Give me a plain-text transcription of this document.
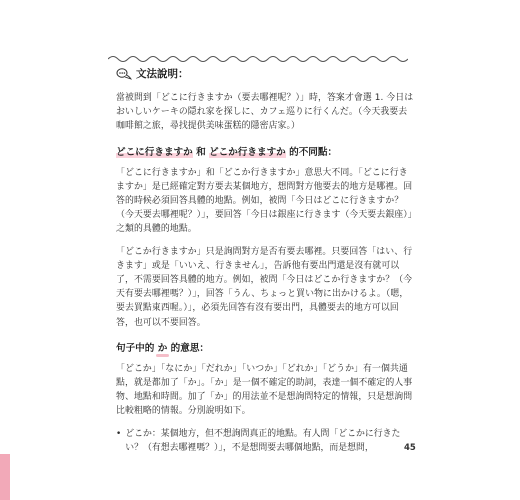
文法說明：

當被問到「どこに行きますか（要去哪裡呢？）」時，答案才會選 1. 今日はおいしいケーキの隠れ家を探しに、カフェ巡りに行くんだ。（今天我要去咖啡館之旅，尋找提供美味蛋糕的隱密店家。）

どこに行きますか 和 どこか行きますか 的不同點：

「どこに行きますか」和「どこか行きますか」意思大不同。「どこに行きますか」是已經確定對方要去某個地方，想問對方他要去的地方是哪裡。回答的時候必須回答具體的地點。例如，被問「今日はどこに行きますか？（今天要去哪裡呢？）」，要回答「今日は銀座に行きます（今天要去銀座）」之類的具體的地點。

「どこか行きますか」只是詢問對方是否有要去哪裡。只要回答「はい、行きます」或是「いいえ、行きません」，告訴他有要出門還是沒有就可以了，不需要回答具體的地方。例如，被問「今日はどこか行きますか？（今天有要去哪裡嗎？）」，回答「うん、ちょっと買い物に出かけるよ。（嗯，要去買點東西喔。）」，必須先回答有沒有要出門，具體要去的地方可以回答，也可以不要回答。

句子中的 か 的意思：

「どこか」「なにか」「だれか」「いつか」「どれか」「どうか」有一個共通點，就是都加了「か」。「か」是一個不確定的助詞，表達一個不確定的人事物、地點和時間。加了「か」的用法並不是想詢問特定的情報，只是想詢問比較粗略的情報。分別說明如下。

• どこか：某個地方，但不想詢問真正的地點。有人問「どこかに行きたい？（有想去哪裡嗎？）」，不是想問要去哪個地點，而是想問，	45
